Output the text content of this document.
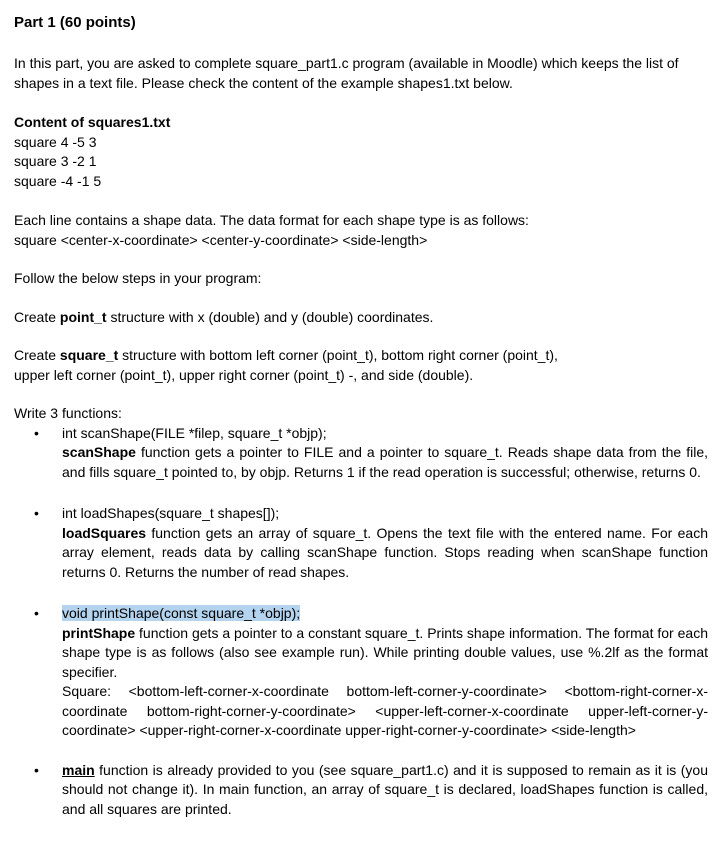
Part 1 (60 points)

In this part, you are asked to complete square_part1.c program (available in Moodle) which keeps the list of shapes in a text file. Please check the content of the example shapes1.txt below.

Content of squares1.txt

square 4 -5 3

square 3 -2 1

square -4 -1 5

Each line contains a shape data. The data format for each shape type is as follows:

square <center-x-coordinate> <center-y-coordinate> <side-length>

Follow the below steps in your program:

Create point_t structure with x (double) and y (double) coordinates.

Create square_t structure with bottom left corner (point_t), bottom right corner (point_t),

upper left corner (point_t), upper right corner (point_t) -, and side (double).

Write 3 functions:

• int scanShape(FILE *filep, square_t *objp);
scanShape function gets a pointer to FILE and a pointer to square_t. Reads shape data from the file, and fills square_t pointed to, by objp. Returns 1 if the read operation is successful; otherwise, returns 0.
• int loadShapes(square_t shapes[]);
loadSquares function gets an array of square_t. Opens the text file with the entered name. For each array element, reads data by calling scanShape function. Stops reading when scanShape function returns 0. Returns the number of read shapes.
• void printShape(const square_t *objp);
printShape function gets a pointer to a constant square_t. Prints shape information. The format for each shape type is as follows (also see example run). While printing double values, use %.2lf as the format specifier.
Square: <bottom-left-corner-x-coordinate bottom-left-corner-y-coordinate> <bottom-right-corner-x-coordinate bottom-right-corner-y-coordinate> <upper-left-corner-x-coordinate upper-left-corner-y-coordinate> <upper-right-corner-x-coordinate upper-right-corner-y-coordinate> <side-length>
• main function is already provided to you (see square_part1.c) and it is supposed to remain as it is (you should not change it). In main function, an array of square_t is declared, loadShapes function is called, and all squares are printed.
